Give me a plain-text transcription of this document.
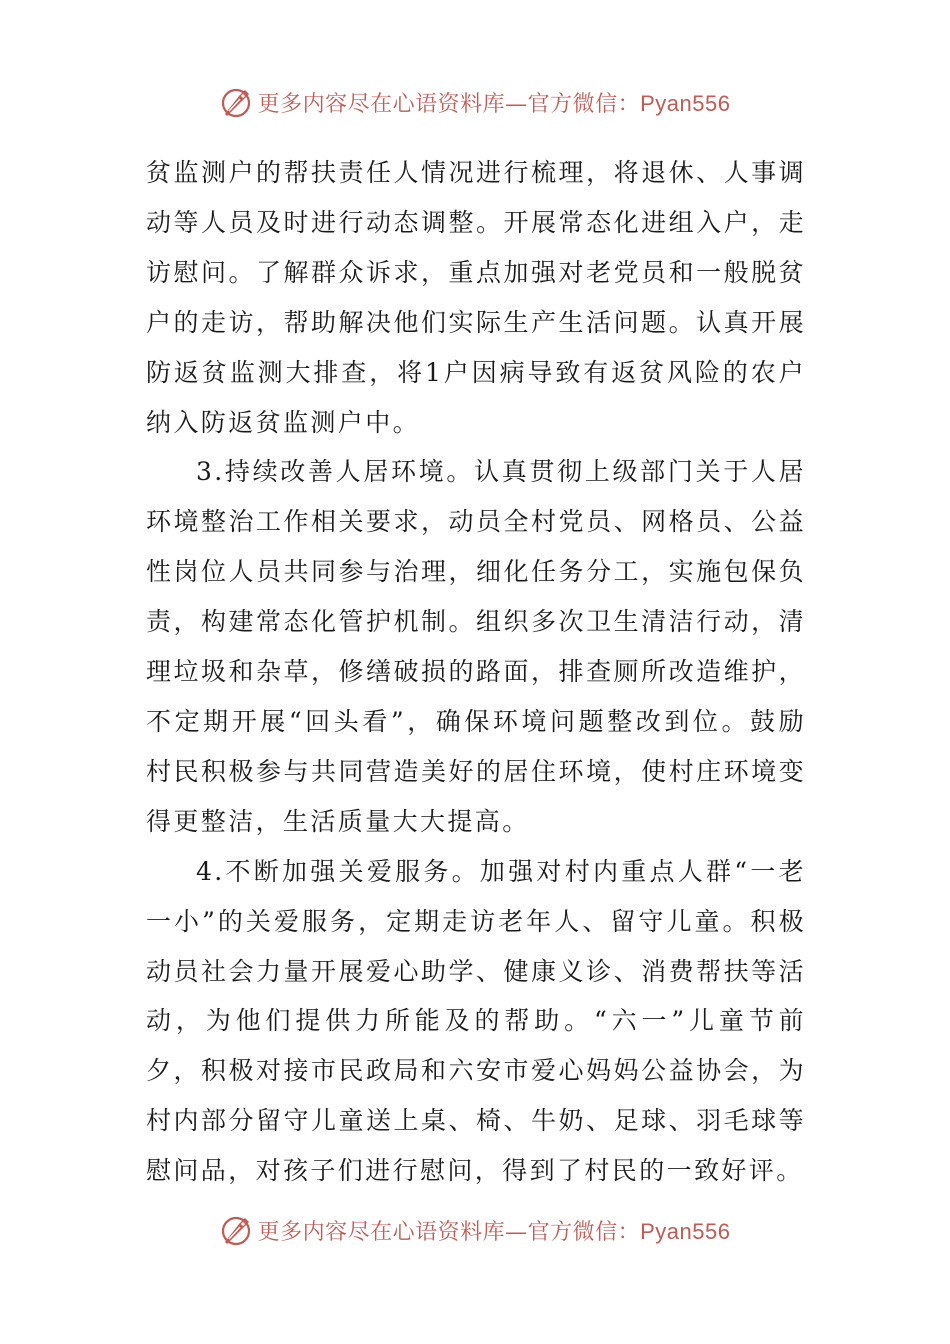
更多内容尽在心语资料库—官方微信：Pyan556

贫监测户的帮扶责任人情况进行梳理，将退休、人事调动等人员及时进行动态调整。开展常态化进组入户，走访慰问。了解群众诉求，重点加强对老党员和一般脱贫户的走访，帮助解决他们实际生产生活问题。认真开展防返贫监测大排查，将1户因病导致有返贫风险的农户纳入防返贫监测户中。

3.持续改善人居环境。认真贯彻上级部门关于人居环境整治工作相关要求，动员全村党员、网格员、公益性岗位人员共同参与治理，细化任务分工，实施包保负责，构建常态化管护机制。组织多次卫生清洁行动，清理垃圾和杂草，修缮破损的路面，排查厕所改造维护，不定期开展“回头看”，确保环境问题整改到位。鼓励村民积极参与共同营造美好的居住环境，使村庄环境变得更整洁，生活质量大大提高。

4.不断加强关爱服务。加强对村内重点人群“一老一小”的关爱服务，定期走访老年人、留守儿童。积极动员社会力量开展爱心助学、健康义诊、消费帮扶等活动，为他们提供力所能及的帮助。“六一”儿童节前夕，积极对接市民政局和六安市爱心妈妈公益协会，为村内部分留守儿童送上桌、椅、牛奶、足球、羽毛球等慰问品，对孩子们进行慰问，得到了村民的一致好评。

更多内容尽在心语资料库—官方微信：Pyan556
